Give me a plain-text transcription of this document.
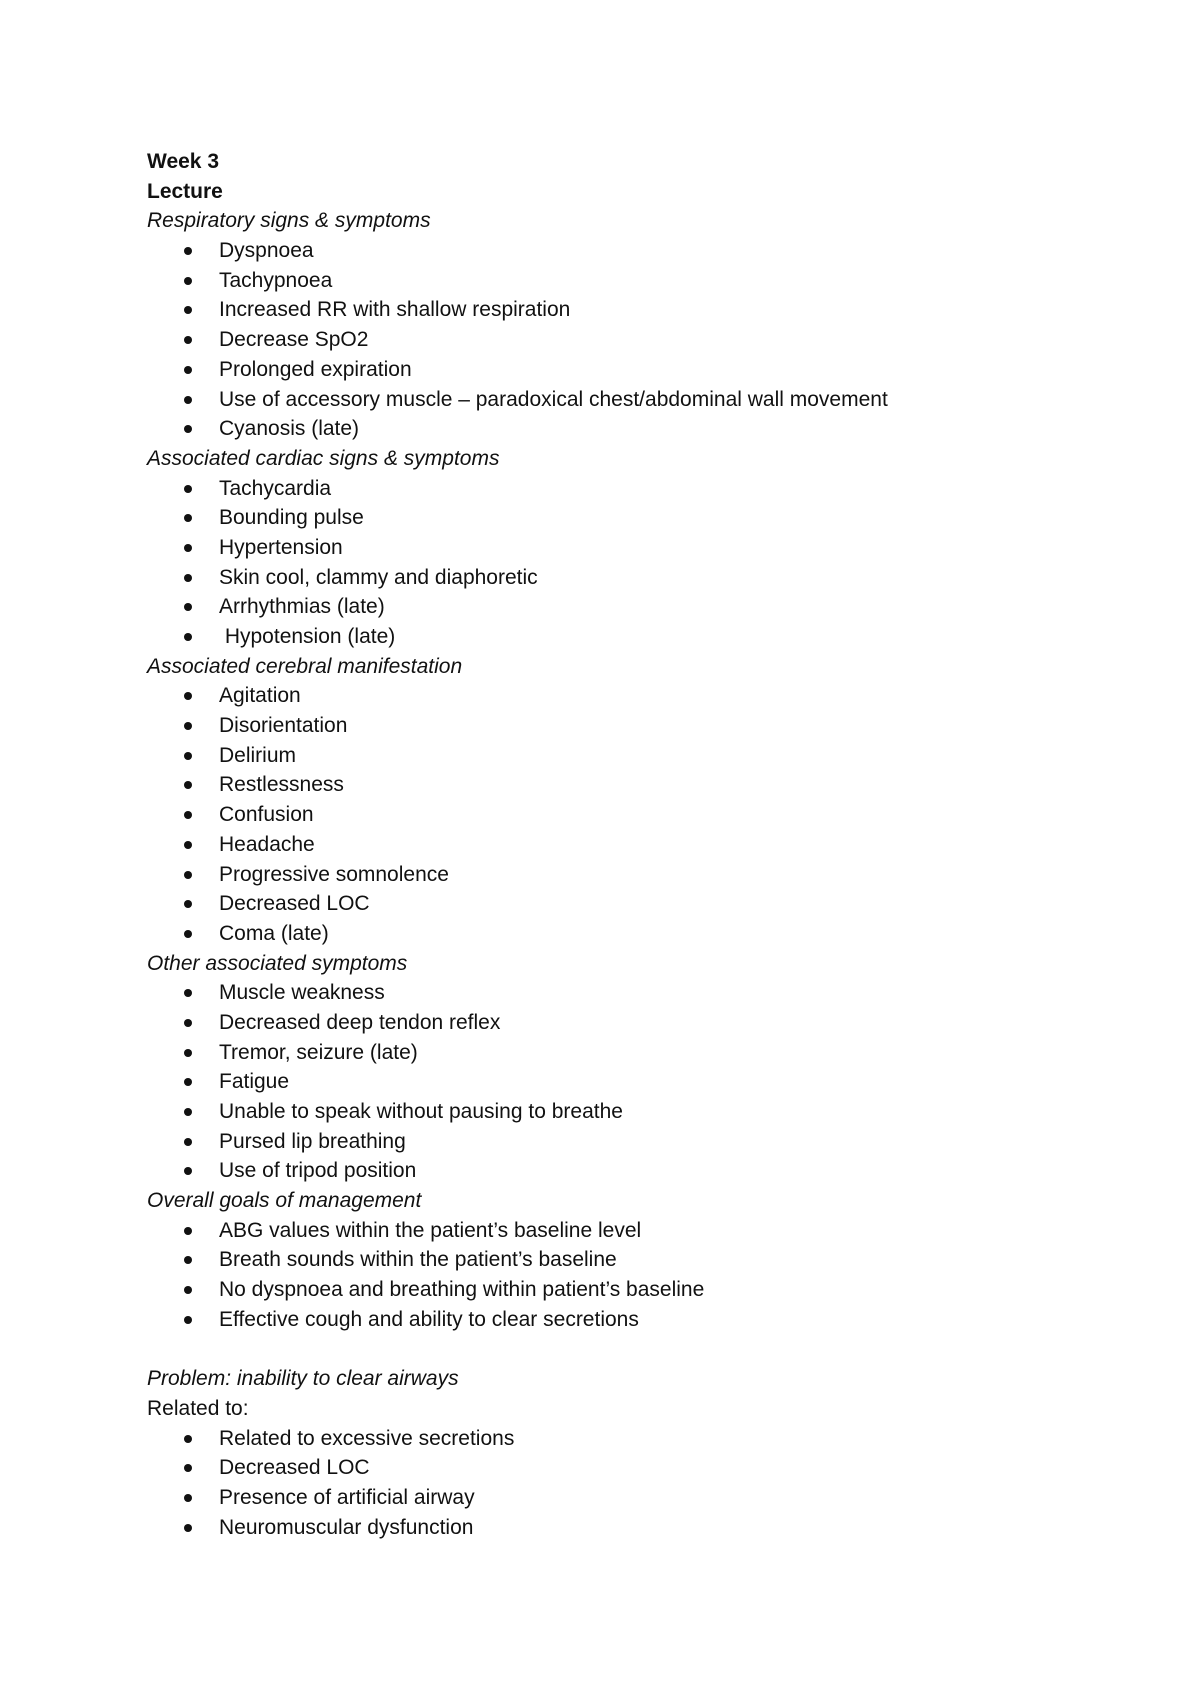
Week 3
Lecture
Respiratory signs & symptoms
Dyspnoea
Tachypnoea
Increased RR with shallow respiration
Decrease SpO2
Prolonged expiration
Use of accessory muscle – paradoxical chest/abdominal wall movement
Cyanosis (late)
Associated cardiac signs & symptoms
Tachycardia
Bounding pulse
Hypertension
Skin cool, clammy and diaphoretic
Arrhythmias (late)
Hypotension (late)
Associated cerebral manifestation
Agitation
Disorientation
Delirium
Restlessness
Confusion
Headache
Progressive somnolence
Decreased LOC
Coma (late)
Other associated symptoms
Muscle weakness
Decreased deep tendon reflex
Tremor, seizure (late)
Fatigue
Unable to speak without pausing to breathe
Pursed lip breathing
Use of tripod position
Overall goals of management
ABG values within the patient’s baseline level
Breath sounds within the patient’s baseline
No dyspnoea and breathing within patient’s baseline
Effective cough and ability to clear secretions
Problem: inability to clear airways
Related to:
Related to excessive secretions
Decreased LOC
Presence of artificial airway
Neuromuscular dysfunction
